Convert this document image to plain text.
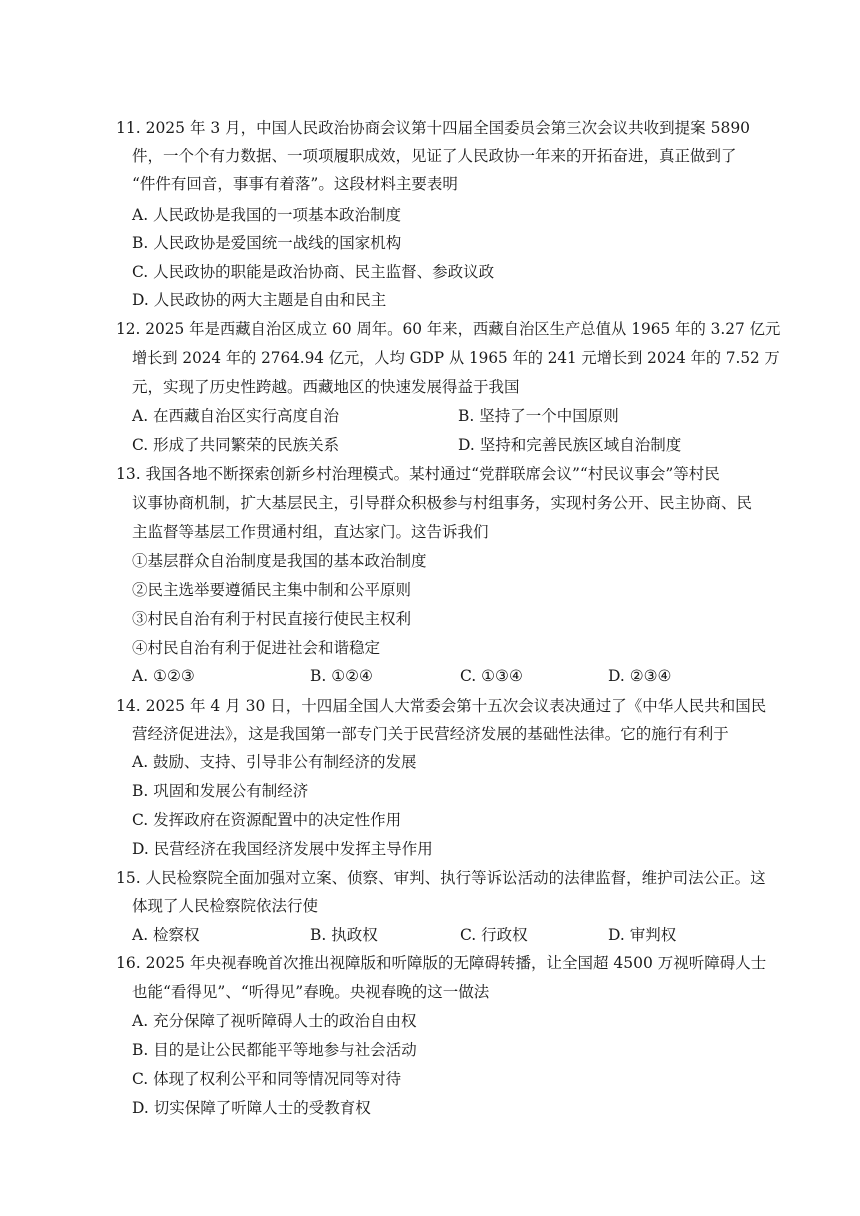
11. 2025 年 3 月，中国人民政治协商会议第十四届全国委员会第三次会议共收到提案 5890
件，一个个有力数据、一项项履职成效，见证了人民政协一年来的开拓奋进，真正做到了
“件件有回音，事事有着落”。这段材料主要表明
A. 人民政协是我国的一项基本政治制度
B. 人民政协是爱国统一战线的国家机构
C. 人民政协的职能是政治协商、民主监督、参政议政
D. 人民政协的两大主题是自由和民主
12. 2025 年是西藏自治区成立 60 周年。60 年来，西藏自治区生产总值从 1965 年的 3.27 亿元
增长到 2024 年的 2764.94 亿元，人均 GDP 从 1965 年的 241 元增长到 2024 年的 7.52 万
元，实现了历史性跨越。西藏地区的快速发展得益于我国
A. 在西藏自治区实行高度自治	B. 坚持了一个中国原则
C. 形成了共同繁荣的民族关系	D. 坚持和完善民族区域自治制度
13. 我国各地不断探索创新乡村治理模式。某村通过“党群联席会议”“村民议事会”等村民
议事协商机制，扩大基层民主，引导群众积极参与村组事务，实现村务公开、民主协商、民
主监督等基层工作贯通村组，直达家门。这告诉我们
①基层群众自治制度是我国的基本政治制度
②民主选举要遵循民主集中制和公平原则
③村民自治有利于村民直接行使民主权利
④村民自治有利于促进社会和谐稳定
A. ①②③	B. ①②④	C. ①③④	D. ②③④
14. 2025 年 4 月 30 日，十四届全国人大常委会第十五次会议表决通过了《中华人民共和国民
营经济促进法》，这是我国第一部专门关于民营经济发展的基础性法律。它的施行有利于
A. 鼓励、支持、引导非公有制经济的发展
B. 巩固和发展公有制经济
C. 发挥政府在资源配置中的决定性作用
D. 民营经济在我国经济发展中发挥主导作用
15. 人民检察院全面加强对立案、侦察、审判、执行等诉讼活动的法律监督，维护司法公正。这
体现了人民检察院依法行使
A. 检察权	B. 执政权	C. 行政权	D. 审判权
16. 2025 年央视春晚首次推出视障版和听障版的无障碍转播，让全国超 4500 万视听障碍人士
也能“看得见”、“听得见”春晚。央视春晚的这一做法
A. 充分保障了视听障碍人士的政治自由权
B. 目的是让公民都能平等地参与社会活动
C. 体现了权利公平和同等情况同等对待
D. 切实保障了听障人士的受教育权
